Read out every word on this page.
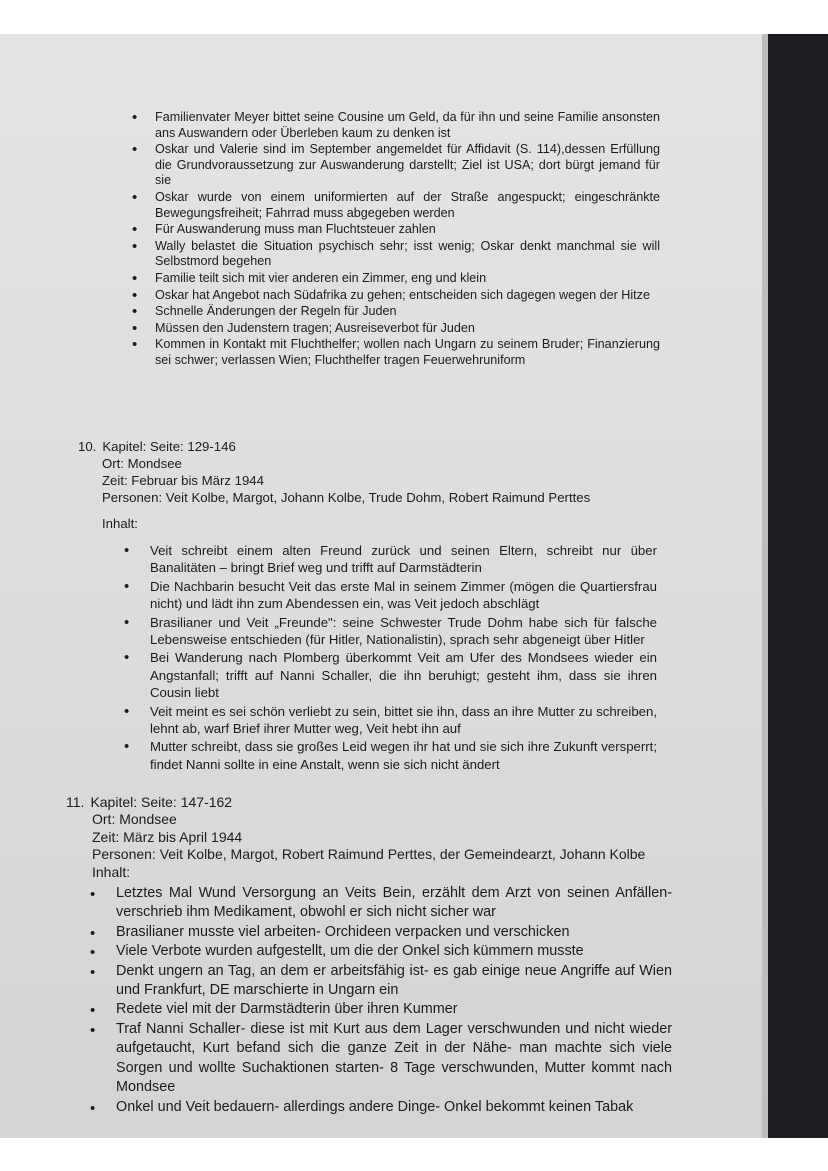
• Familienvater Meyer bittet seine Cousine um Geld, da für ihn und seine Familie ansonsten ans Auswandern oder Überleben kaum zu denken ist
• Oskar und Valerie sind im September angemeldet für Affidavit (S. 114),dessen Erfüllung die Grundvoraussetzung zur Auswanderung darstellt; Ziel ist USA; dort bürgt jemand für sie
• Oskar wurde von einem uniformierten auf der Straße angespuckt; eingeschränkte Bewegungsfreiheit; Fahrrad muss abgegeben werden
• Für Auswanderung muss man Fluchtsteuer zahlen
• Wally belastet die Situation psychisch sehr; isst wenig; Oskar denkt manchmal sie will Selbstmord begehen
• Familie teilt sich mit vier anderen ein Zimmer, eng und klein
• Oskar hat Angebot nach Südafrika zu gehen; entscheiden sich dagegen wegen der Hitze
• Schnelle Änderungen der Regeln für Juden
• Müssen den Judenstern tragen; Ausreiseverbot für Juden
• Kommen in Kontakt mit Fluchthelfer; wollen nach Ungarn zu seinem Bruder; Finanzierung sei schwer; verlassen Wien; Fluchthelfer tragen Feuerwehruniform
10. Kapitel: Seite: 129-146
Ort: Mondsee
Zeit: Februar bis März 1944
Personen: Veit Kolbe, Margot, Johann Kolbe, Trude Dohm, Robert Raimund Perttes
Inhalt:
• Veit schreibt einem alten Freund zurück und seinen Eltern, schreibt nur über Banalitäten – bringt Brief weg und trifft auf Darmstädterin
• Die Nachbarin besucht Veit das erste Mal in seinem Zimmer (mögen die Quartiersfrau nicht) und lädt ihn zum Abendessen ein, was Veit jedoch abschlägt
• Brasilianer und Veit „Freunde": seine Schwester Trude Dohm habe sich für falsche Lebensweise entschieden (für Hitler, Nationalistin), sprach sehr abgeneigt über Hitler
• Bei Wanderung nach Plomberg überkommt Veit am Ufer des Mondsees wieder ein Angstanfall; trifft auf Nanni Schaller, die ihn beruhigt; gesteht ihm, dass sie ihren Cousin liebt
• Veit meint es sei schön verliebt zu sein, bittet sie ihn, dass an ihre Mutter zu schreiben, lehnt ab, warf Brief ihrer Mutter weg, Veit hebt ihn auf
• Mutter schreibt, dass sie großes Leid wegen ihr hat und sie sich ihre Zukunft versperrt; findet Nanni sollte in eine Anstalt, wenn sie sich nicht ändert
11. Kapitel: Seite: 147-162
Ort: Mondsee
Zeit: März bis April 1944
Personen: Veit Kolbe, Margot, Robert Raimund Perttes, der Gemeindearzt, Johann Kolbe
Inhalt:
• Letztes Mal Wund Versorgung an Veits Bein, erzählt dem Arzt von seinen Anfällen- verschrieb ihm Medikament, obwohl er sich nicht sicher war
• Brasilianer musste viel arbeiten- Orchideen verpacken und verschicken
• Viele Verbote wurden aufgestellt, um die der Onkel sich kümmern musste
• Denkt ungern an Tag, an dem er arbeitsfähig ist- es gab einige neue Angriffe auf Wien und Frankfurt, DE marschierte in Ungarn ein
• Redete viel mit der Darmstädterin über ihren Kummer
• Traf Nanni Schaller- diese ist mit Kurt aus dem Lager verschwunden und nicht wieder aufgetaucht, Kurt befand sich die ganze Zeit in der Nähe- man machte sich viele Sorgen und wollte Suchaktionen starten- 8 Tage verschwunden, Mutter kommt nach Mondsee
• Onkel und Veit bedauern- allerdings andere Dinge- Onkel bekommt keinen Tabak
